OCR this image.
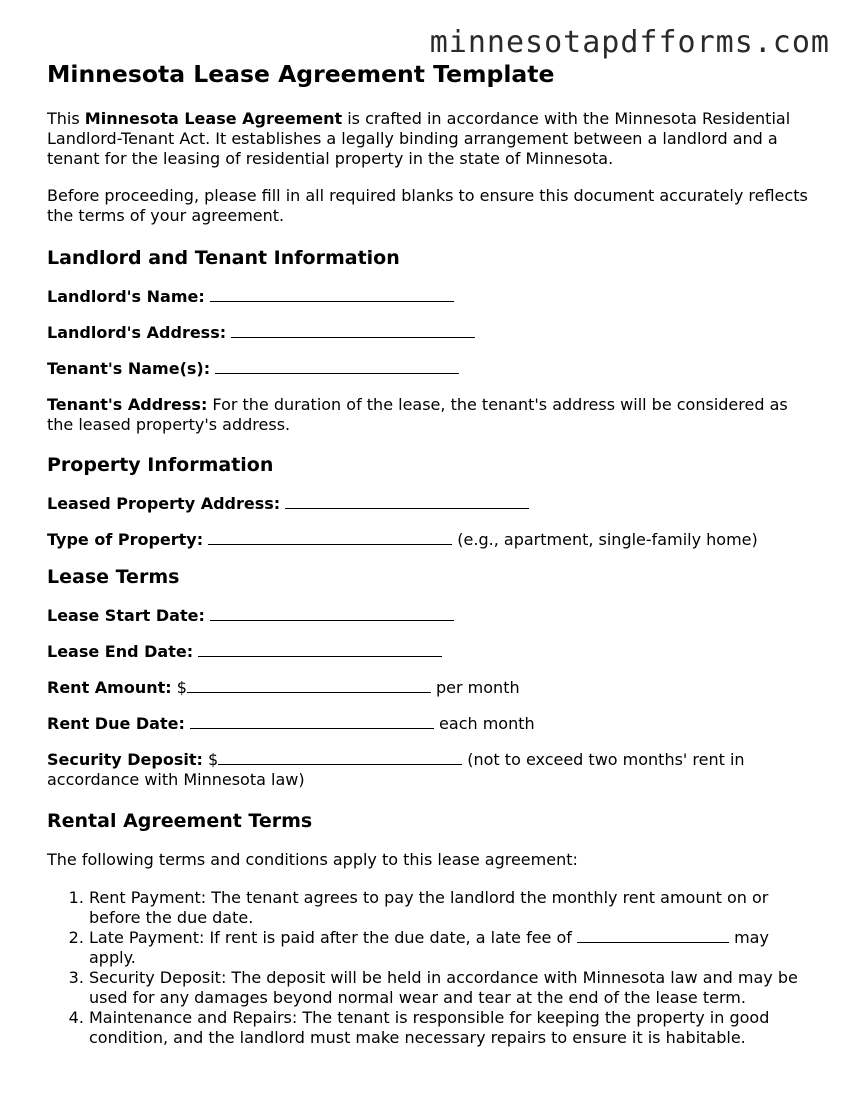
minnesotapdfforms.com
Minnesota Lease Agreement Template

This Minnesota Lease Agreement is crafted in accordance with the Minnesota Residential Landlord-Tenant Act. It establishes a legally binding arrangement between a landlord and a tenant for the leasing of residential property in the state of Minnesota.

Before proceeding, please fill in all required blanks to ensure this document accurately reflects the terms of your agreement.

Landlord and Tenant Information
Landlord's Name:
Landlord's Address:
Tenant's Name(s):
Tenant's Address: For the duration of the lease, the tenant's address will be considered as the leased property's address.
Property Information
Leased Property Address:
Type of Property:	(e.g., apartment, single-family home)
Lease Terms
Lease Start Date:
Lease End Date:
Rent Amount: $	per month
Rent Due Date:	each month
Security Deposit: $	(not to exceed two months' rent in accordance with Minnesota law)
Rental Agreement Terms

The following terms and conditions apply to this lease agreement:

1. Rent Payment: The tenant agrees to pay the landlord the monthly rent amount on or before the due date.
2. Late Payment: If rent is paid after the due date, a late fee of	may apply.
3. Security Deposit: The deposit will be held in accordance with Minnesota law and may be used for any damages beyond normal wear and tear at the end of the lease term.
4. Maintenance and Repairs: The tenant is responsible for keeping the property in good condition, and the landlord must make necessary repairs to ensure it is habitable.
